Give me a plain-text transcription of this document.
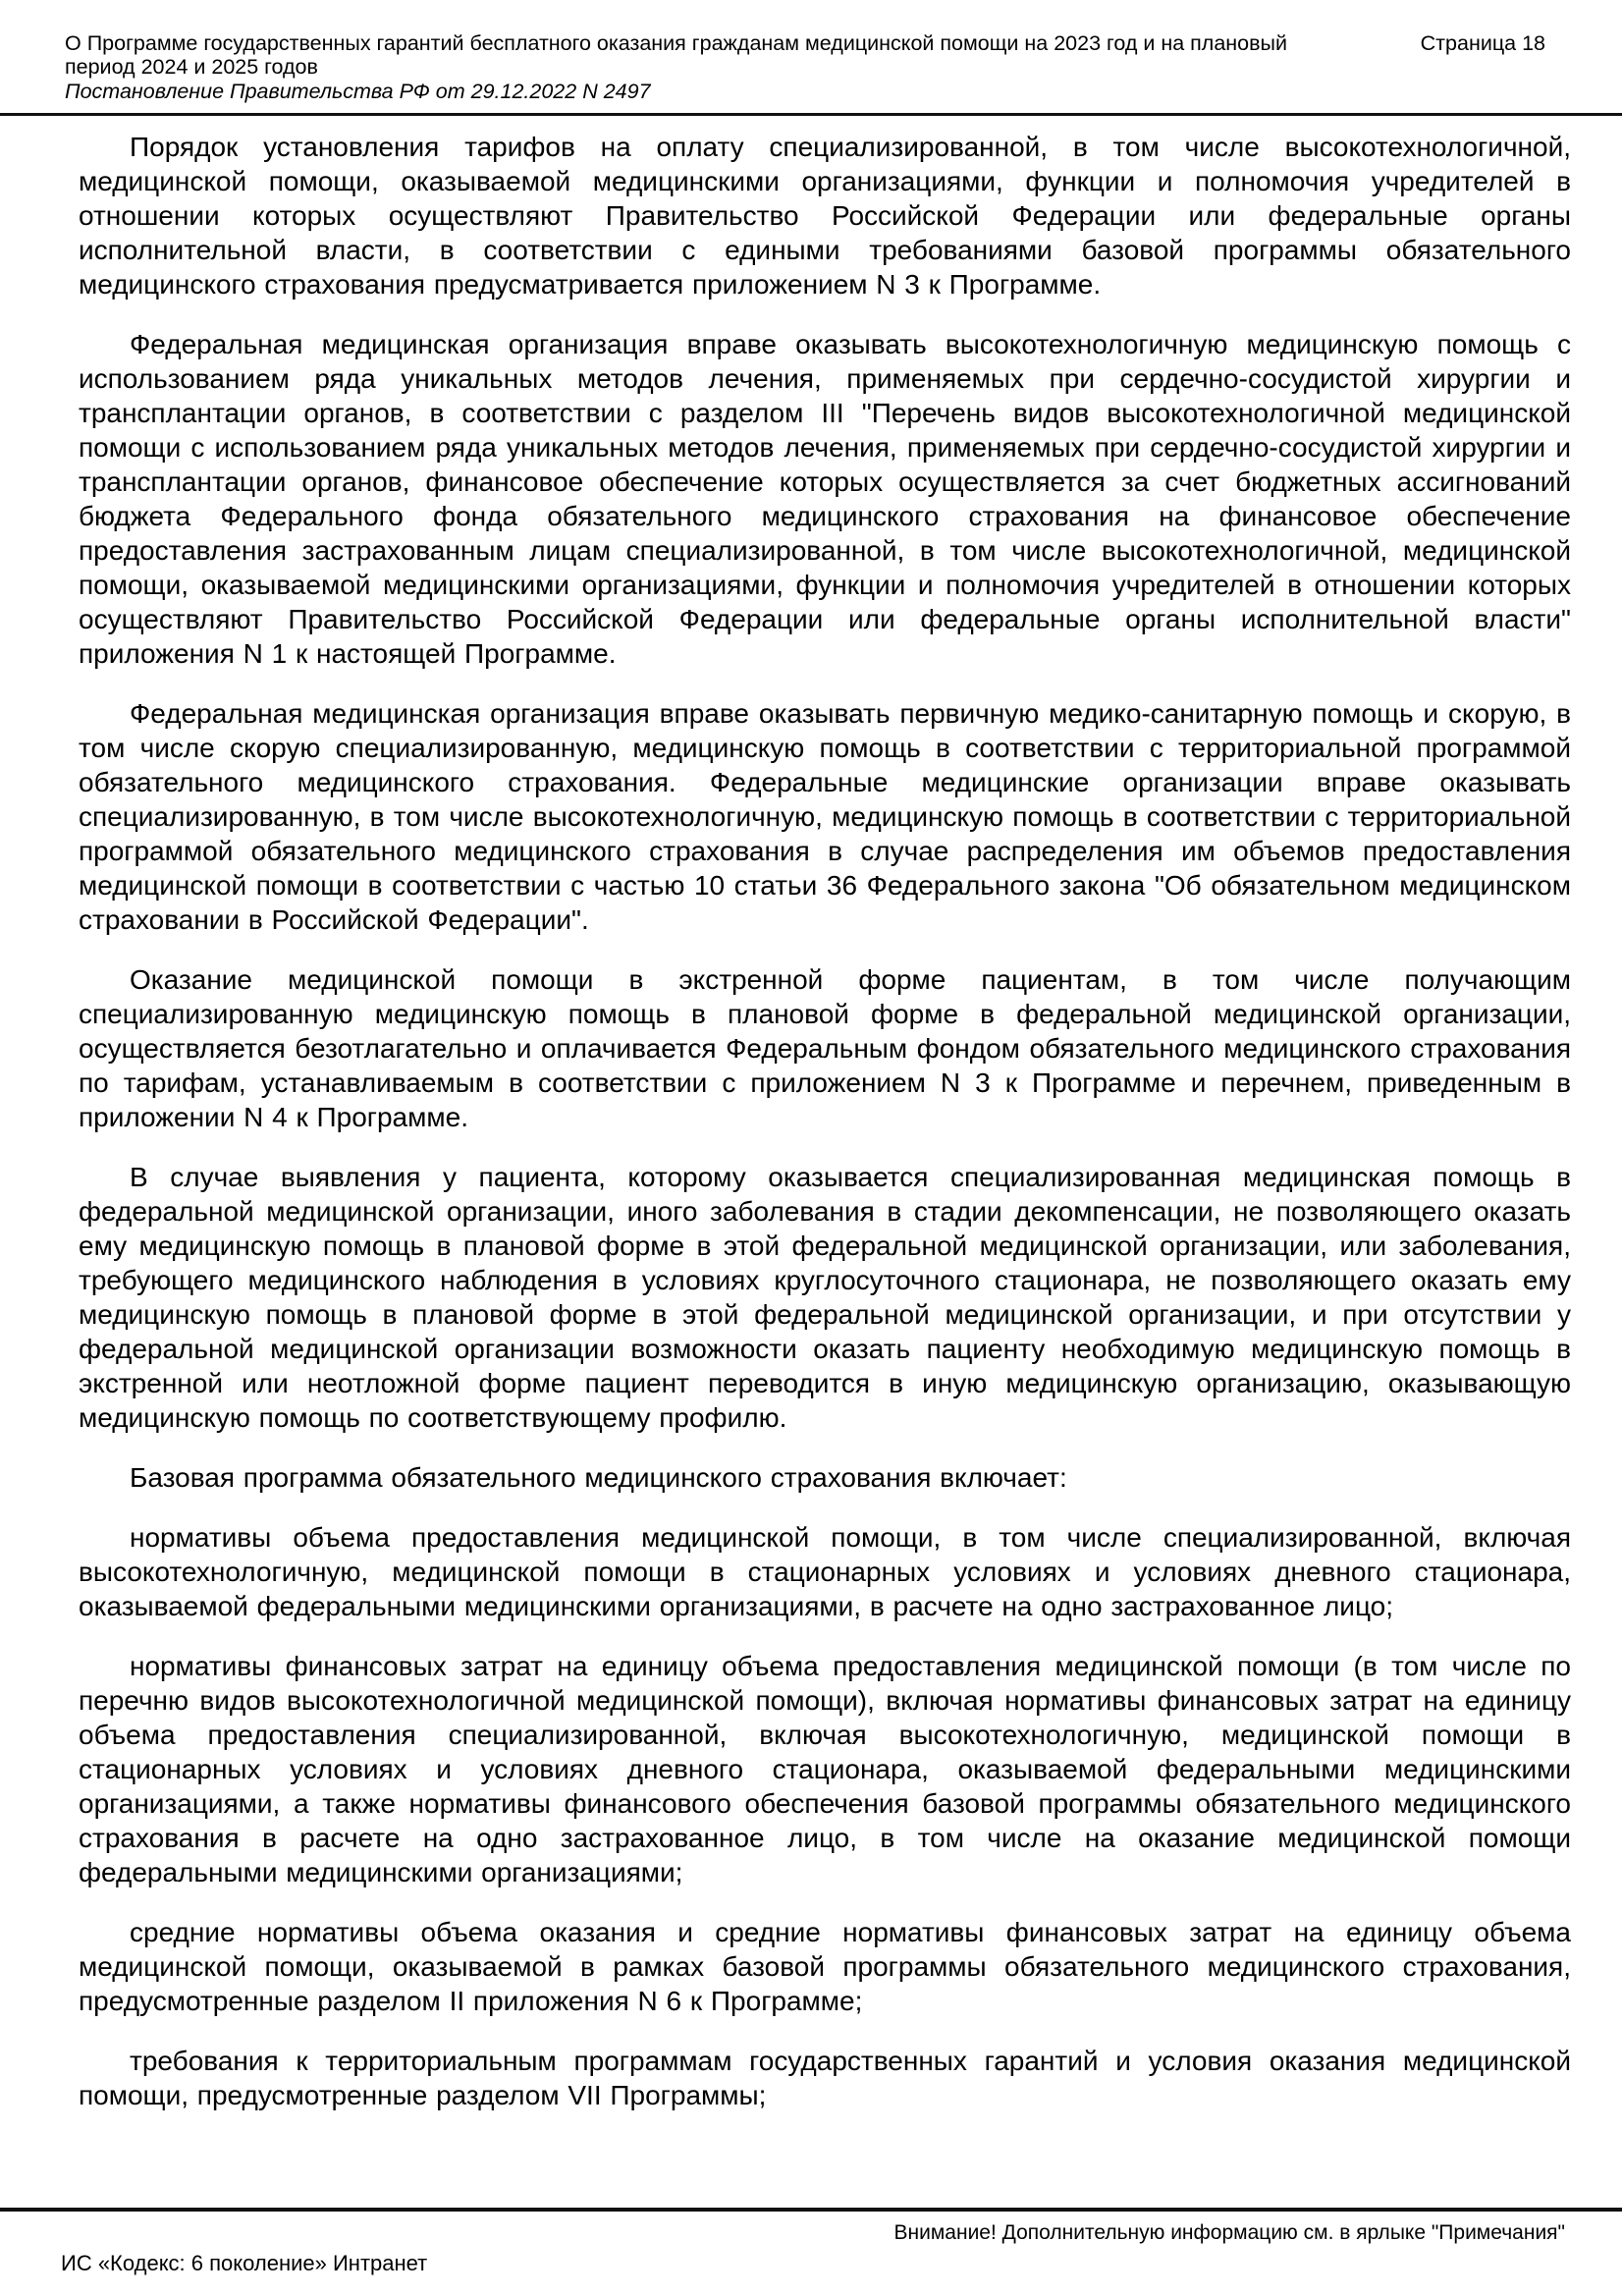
О Программе государственных гарантий бесплатного оказания гражданам медицинской помощи на 2023 год и на плановый период 2024 и 2025 годов
Страница 18
Постановление Правительства РФ от 29.12.2022 N 2497

Порядок установления тарифов на оплату специализированной, в том числе высокотехнологичной, медицинской помощи, оказываемой медицинскими организациями, функции и полномочия учредителей в отношении которых осуществляют Правительство Российской Федерации или федеральные органы исполнительной власти, в соответствии с едиными требованиями базовой программы обязательного медицинского страхования предусматривается приложением N 3 к Программе.

Федеральная медицинская организация вправе оказывать высокотехнологичную медицинскую помощь с использованием ряда уникальных методов лечения, применяемых при сердечно-сосудистой хирургии и трансплантации органов, в соответствии с разделом III "Перечень видов высокотехнологичной медицинской помощи с использованием ряда уникальных методов лечения, применяемых при сердечно-сосудистой хирургии и трансплантации органов, финансовое обеспечение которых осуществляется за счет бюджетных ассигнований бюджета Федерального фонда обязательного медицинского страхования на финансовое обеспечение предоставления застрахованным лицам специализированной, в том числе высокотехнологичной, медицинской помощи, оказываемой медицинскими организациями, функции и полномочия учредителей в отношении которых осуществляют Правительство Российской Федерации или федеральные органы исполнительной власти" приложения N 1 к настоящей Программе.

Федеральная медицинская организация вправе оказывать первичную медико-санитарную помощь и скорую, в том числе скорую специализированную, медицинскую помощь в соответствии с территориальной программой обязательного медицинского страхования. Федеральные медицинские организации вправе оказывать специализированную, в том числе высокотехнологичную, медицинскую помощь в соответствии с территориальной программой обязательного медицинского страхования в случае распределения им объемов предоставления медицинской помощи в соответствии с частью 10 статьи 36 Федерального закона "Об обязательном медицинском страховании в Российской Федерации".

Оказание медицинской помощи в экстренной форме пациентам, в том числе получающим специализированную медицинскую помощь в плановой форме в федеральной медицинской организации, осуществляется безотлагательно и оплачивается Федеральным фондом обязательного медицинского страхования по тарифам, устанавливаемым в соответствии с приложением N 3 к Программе и перечнем, приведенным в приложении N 4 к Программе.

В случае выявления у пациента, которому оказывается специализированная медицинская помощь в федеральной медицинской организации, иного заболевания в стадии декомпенсации, не позволяющего оказать ему медицинскую помощь в плановой форме в этой федеральной медицинской организации, или заболевания, требующего медицинского наблюдения в условиях круглосуточного стационара, не позволяющего оказать ему медицинскую помощь в плановой форме в этой федеральной медицинской организации, и при отсутствии у федеральной медицинской организации возможности оказать пациенту необходимую медицинскую помощь в экстренной или неотложной форме пациент переводится в иную медицинскую организацию, оказывающую медицинскую помощь по соответствующему профилю.

Базовая программа обязательного медицинского страхования включает:

нормативы объема предоставления медицинской помощи, в том числе специализированной, включая высокотехнологичную, медицинской помощи в стационарных условиях и условиях дневного стационара, оказываемой федеральными медицинскими организациями, в расчете на одно застрахованное лицо;

нормативы финансовых затрат на единицу объема предоставления медицинской помощи (в том числе по перечню видов высокотехнологичной медицинской помощи), включая нормативы финансовых затрат на единицу объема предоставления специализированной, включая высокотехнологичную, медицинской помощи в стационарных условиях и условиях дневного стационара, оказываемой федеральными медицинскими организациями, а также нормативы финансового обеспечения базовой программы обязательного медицинского страхования в расчете на одно застрахованное лицо, в том числе на оказание медицинской помощи федеральными медицинскими организациями;

средние нормативы объема оказания и средние нормативы финансовых затрат на единицу объема медицинской помощи, оказываемой в рамках базовой программы обязательного медицинского страхования, предусмотренные разделом II приложения N 6 к Программе;

требования к территориальным программам государственных гарантий и условия оказания медицинской помощи, предусмотренные разделом VII Программы;

Внимание! Дополнительную информацию см. в ярлыке "Примечания"
ИС «Кодекс: 6 поколение» Интранет
